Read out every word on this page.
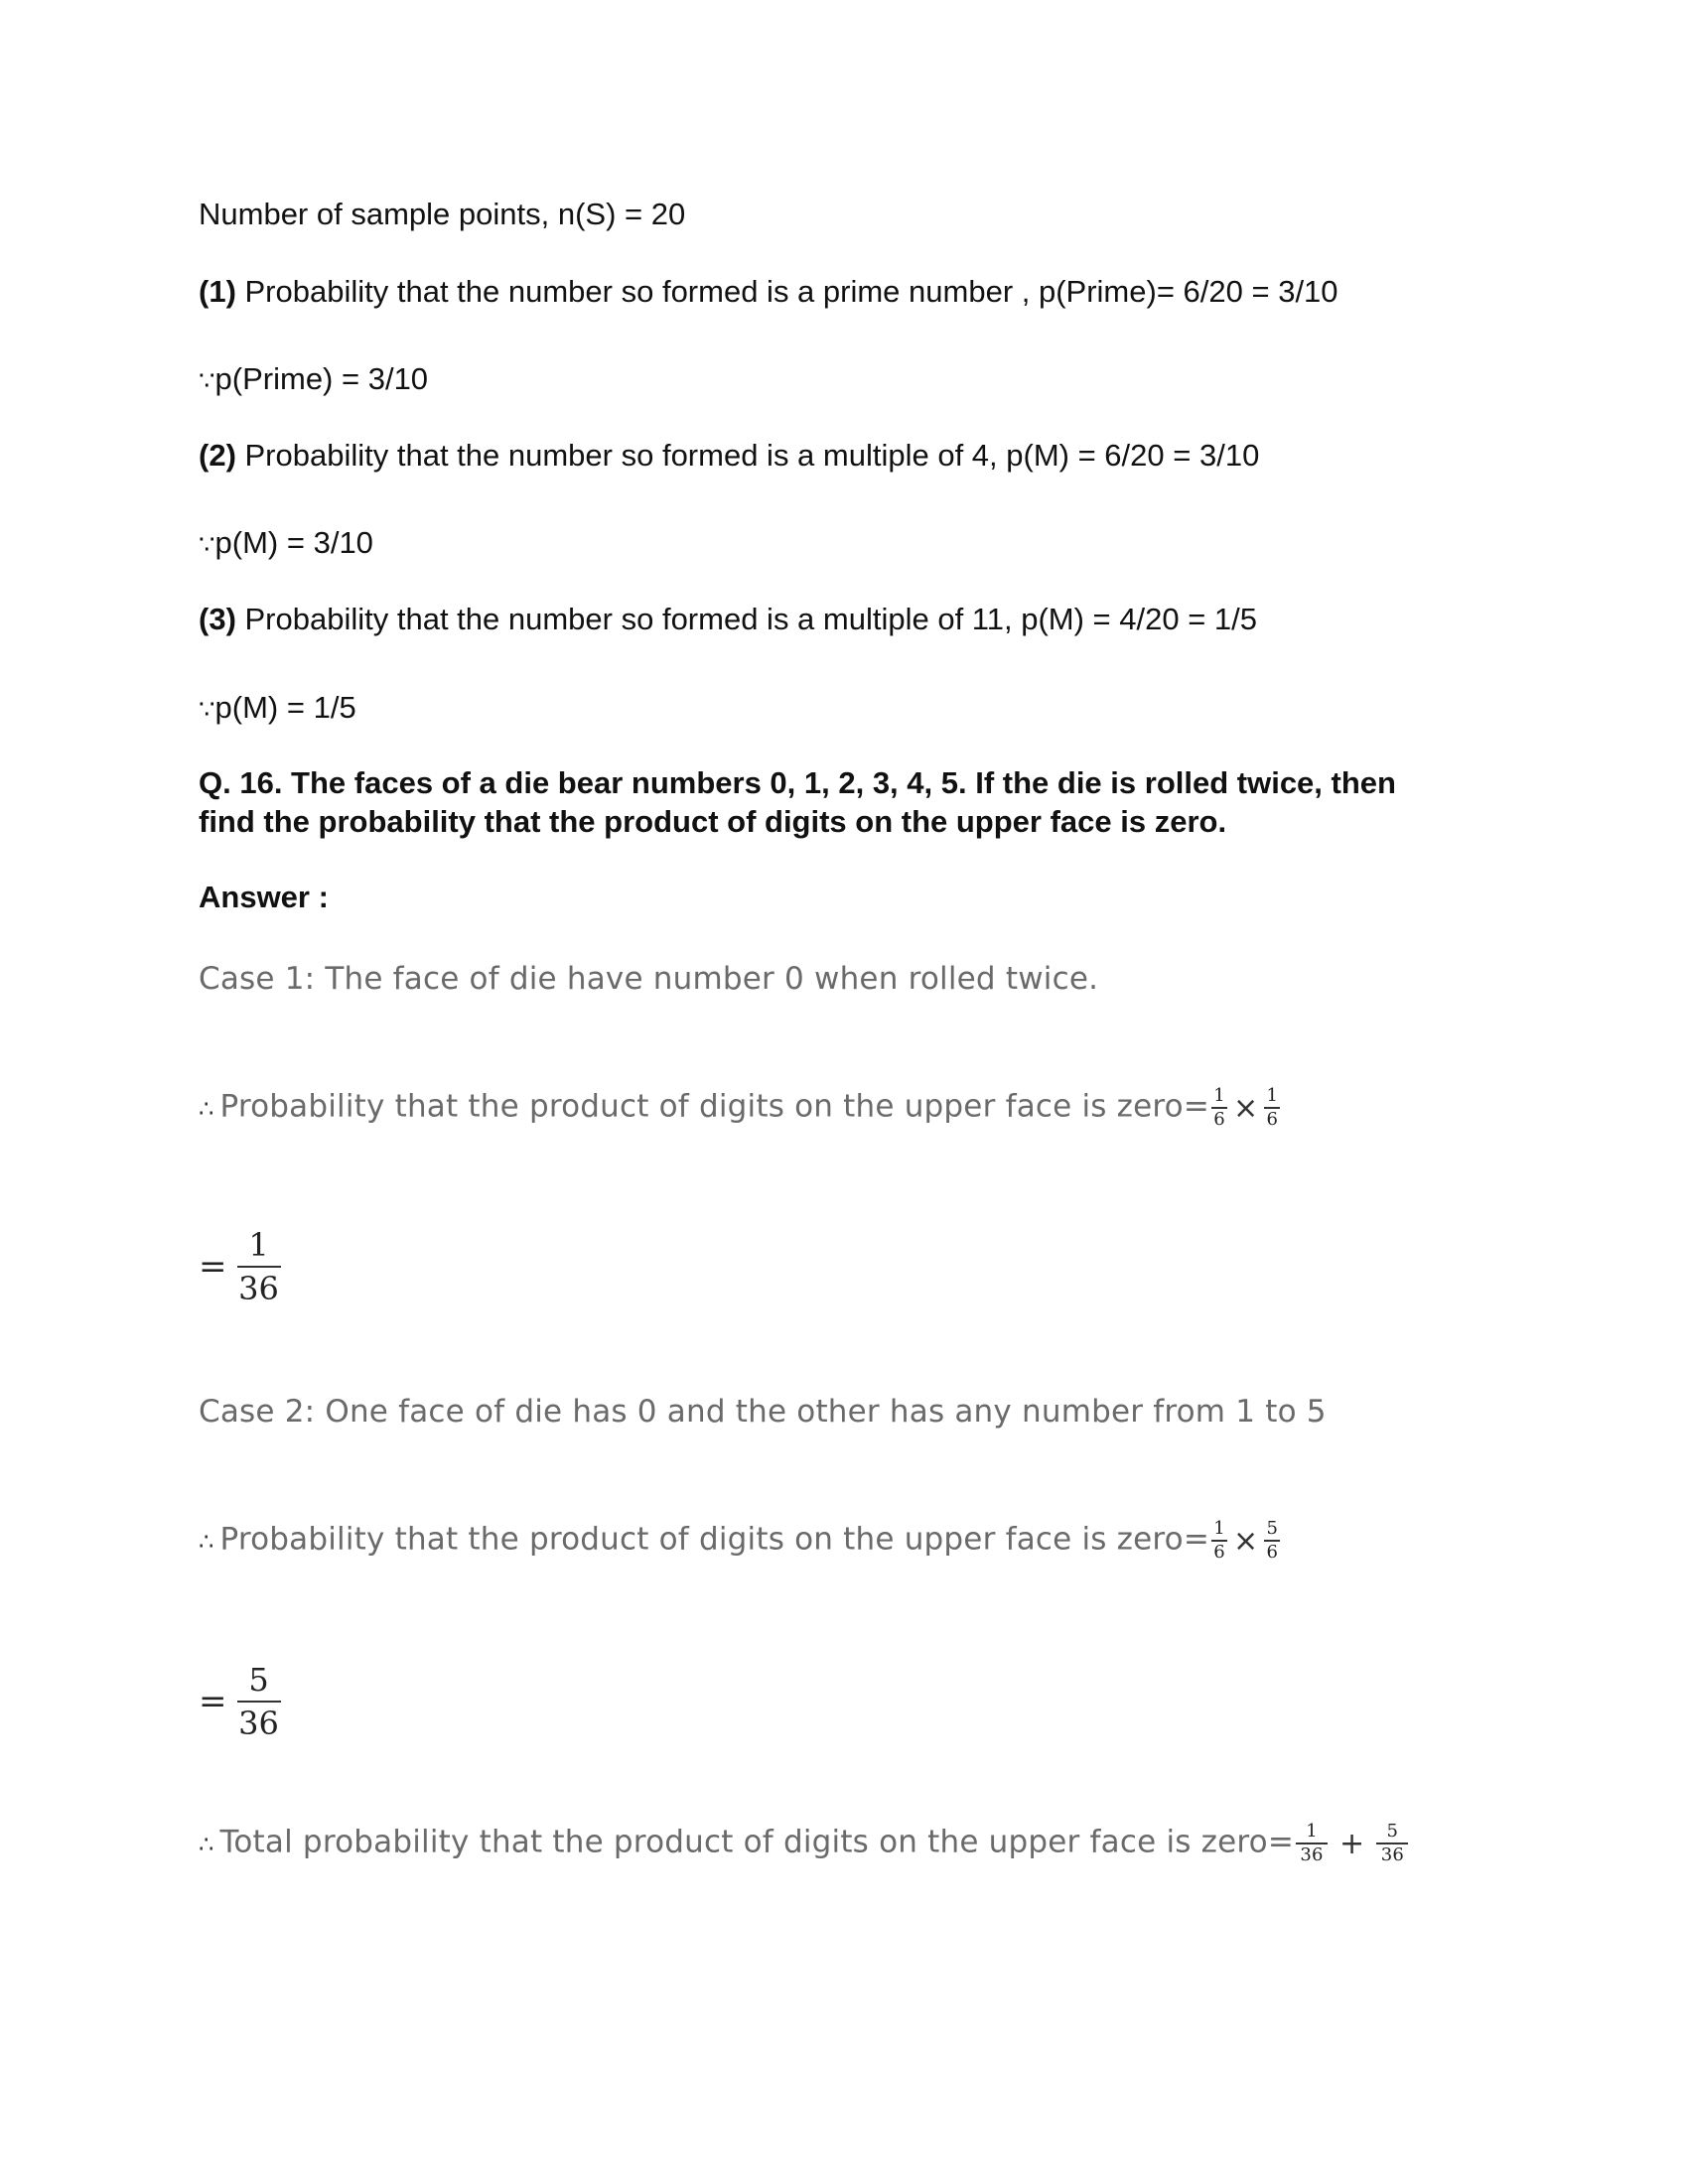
Number of sample points, n(S) = 20
(1) Probability that the number so formed is a prime number , p(Prime)= 6/20 = 3/10
∵p(Prime) = 3/10
(2) Probability that the number so formed is a multiple of 4, p(M) = 6/20 = 3/10
∵p(M) = 3/10
(3) Probability that the number so formed is a multiple of 11, p(M) = 4/20 = 1/5
∵p(M) = 1/5
Q. 16. The faces of a die bear numbers 0, 1, 2, 3, 4, 5. If the die is rolled twice, then
find the probability that the product of digits on the upper face is zero.
Answer :
Case 1: The face of die have number 0 when rolled twice.
∴ Probability that the product of digits on the upper face is zero= $\frac{1}{6} \times \frac{1}{6}$
= $\frac{1}{36}$
Case 2: One face of die has 0 and the other has any number from 1 to 5
∴ Probability that the product of digits on the upper face is zero= $\frac{1}{6} \times \frac{5}{6}$
= $\frac{5}{36}$
∴ Total probability that the product of digits on the upper face is zero= $\frac{1}{36} + \frac{5}{36}$
